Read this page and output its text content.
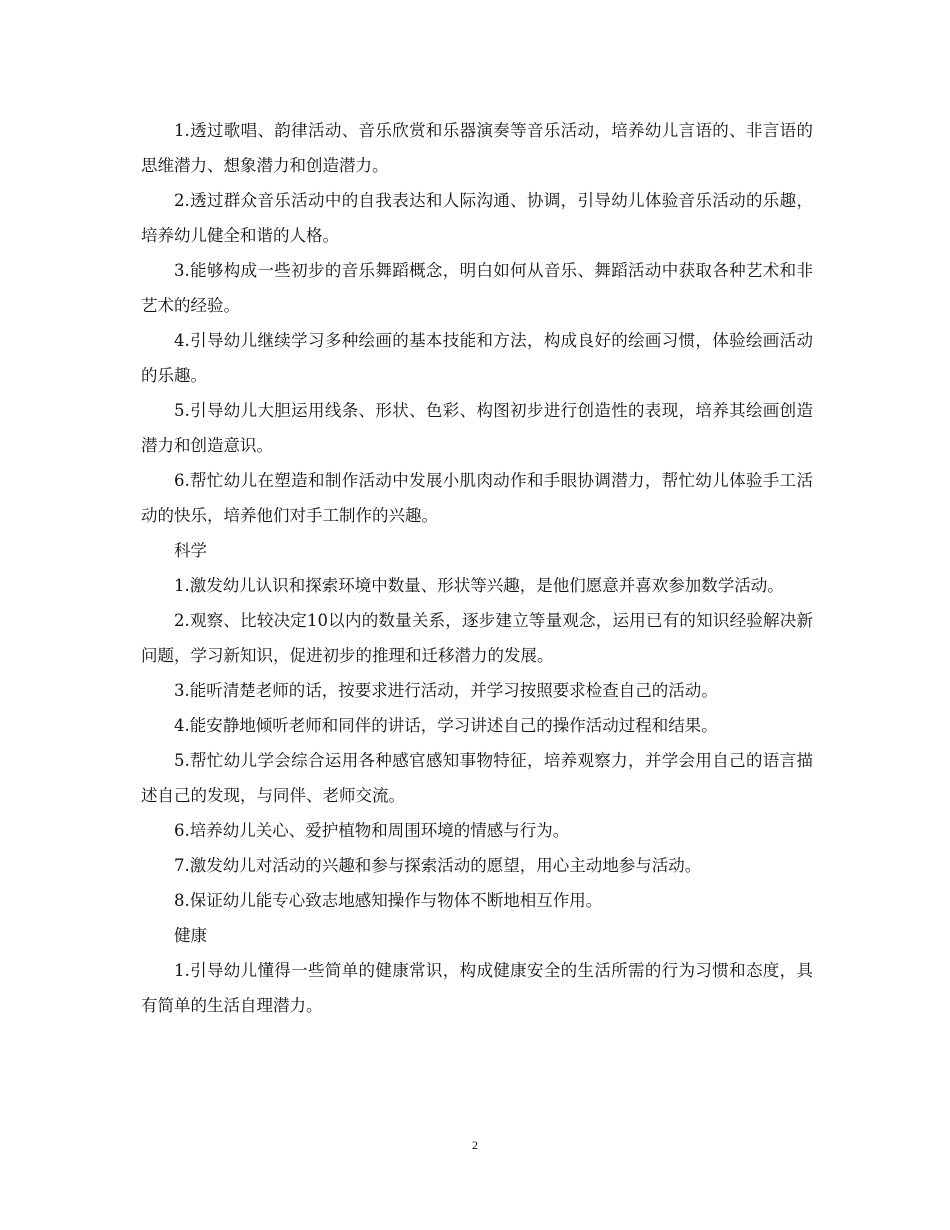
1.透过歌唱、韵律活动、音乐欣赏和乐器演奏等音乐活动，培养幼儿言语的、非言语的思维潜力、想象潜力和创造潜力。

2.透过群众音乐活动中的自我表达和人际沟通、协调，引导幼儿体验音乐活动的乐趣，培养幼儿健全和谐的人格。

3.能够构成一些初步的音乐舞蹈概念，明白如何从音乐、舞蹈活动中获取各种艺术和非艺术的经验。

4.引导幼儿继续学习多种绘画的基本技能和方法，构成良好的绘画习惯，体验绘画活动的乐趣。

5.引导幼儿大胆运用线条、形状、色彩、构图初步进行创造性的表现，培养其绘画创造潜力和创造意识。

6.帮忙幼儿在塑造和制作活动中发展小肌肉动作和手眼协调潜力，帮忙幼儿体验手工活动的快乐，培养他们对手工制作的兴趣。

科学

1.激发幼儿认识和探索环境中数量、形状等兴趣，是他们愿意并喜欢参加数学活动。

2.观察、比较决定10以内的数量关系，逐步建立等量观念，运用已有的知识经验解决新问题，学习新知识，促进初步的推理和迁移潜力的发展。

3.能听清楚老师的话，按要求进行活动，并学习按照要求检查自己的活动。

4.能安静地倾听老师和同伴的讲话，学习讲述自己的操作活动过程和结果。

5.帮忙幼儿学会综合运用各种感官感知事物特征，培养观察力，并学会用自己的语言描述自己的发现，与同伴、老师交流。

6.培养幼儿关心、爱护植物和周围环境的情感与行为。

7.激发幼儿对活动的兴趣和参与探索活动的愿望，用心主动地参与活动。

8.保证幼儿能专心致志地感知操作与物体不断地相互作用。

健康

1.引导幼儿懂得一些简单的健康常识，构成健康安全的生活所需的行为习惯和态度，具有简单的生活自理潜力。

2
